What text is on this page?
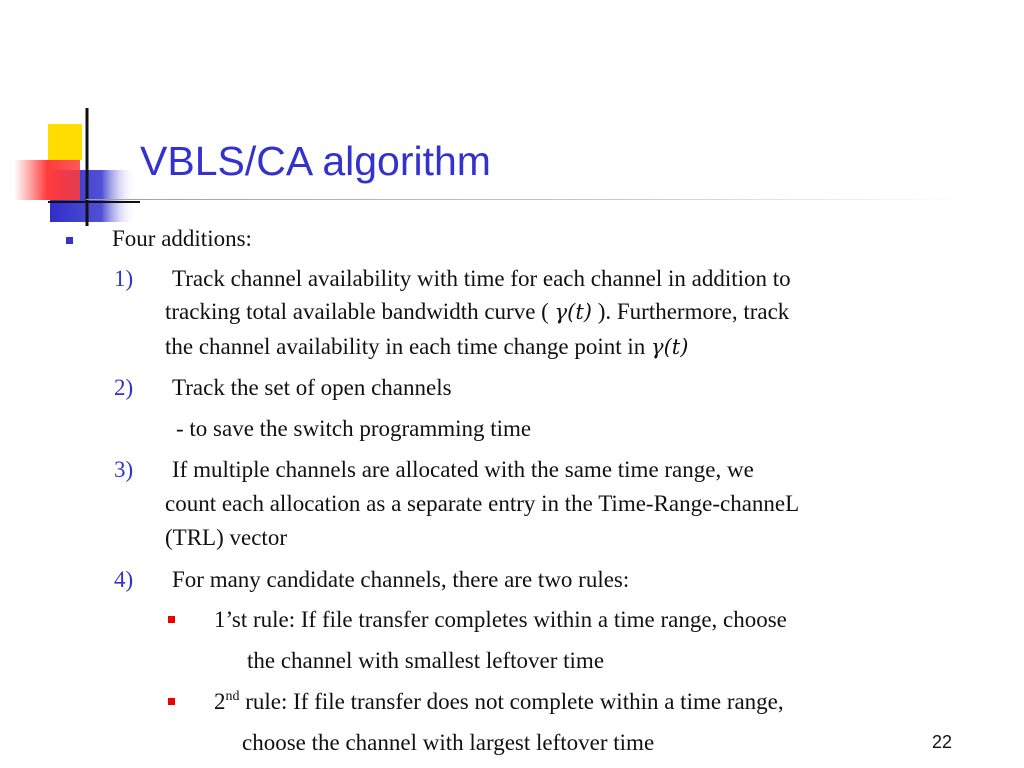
VBLS/CA algorithm
Four additions:
1) Track channel availability with time for each channel in addition to
tracking total available bandwidth curve ( γ(t) ). Furthermore, track
the channel availability in each time change point in γ(t)
2) Track the set of open channels
- to save the switch programming time
3) If multiple channels are allocated with the same time range, we
count each allocation as a separate entry in the Time-Range-channeL
(TRL) vector
4) For many candidate channels, there are two rules:
1’st rule: If file transfer completes within a time range, choose
the channel with smallest leftover time
2nd rule: If file transfer does not complete within a time range,
choose the channel with largest leftover time	22
